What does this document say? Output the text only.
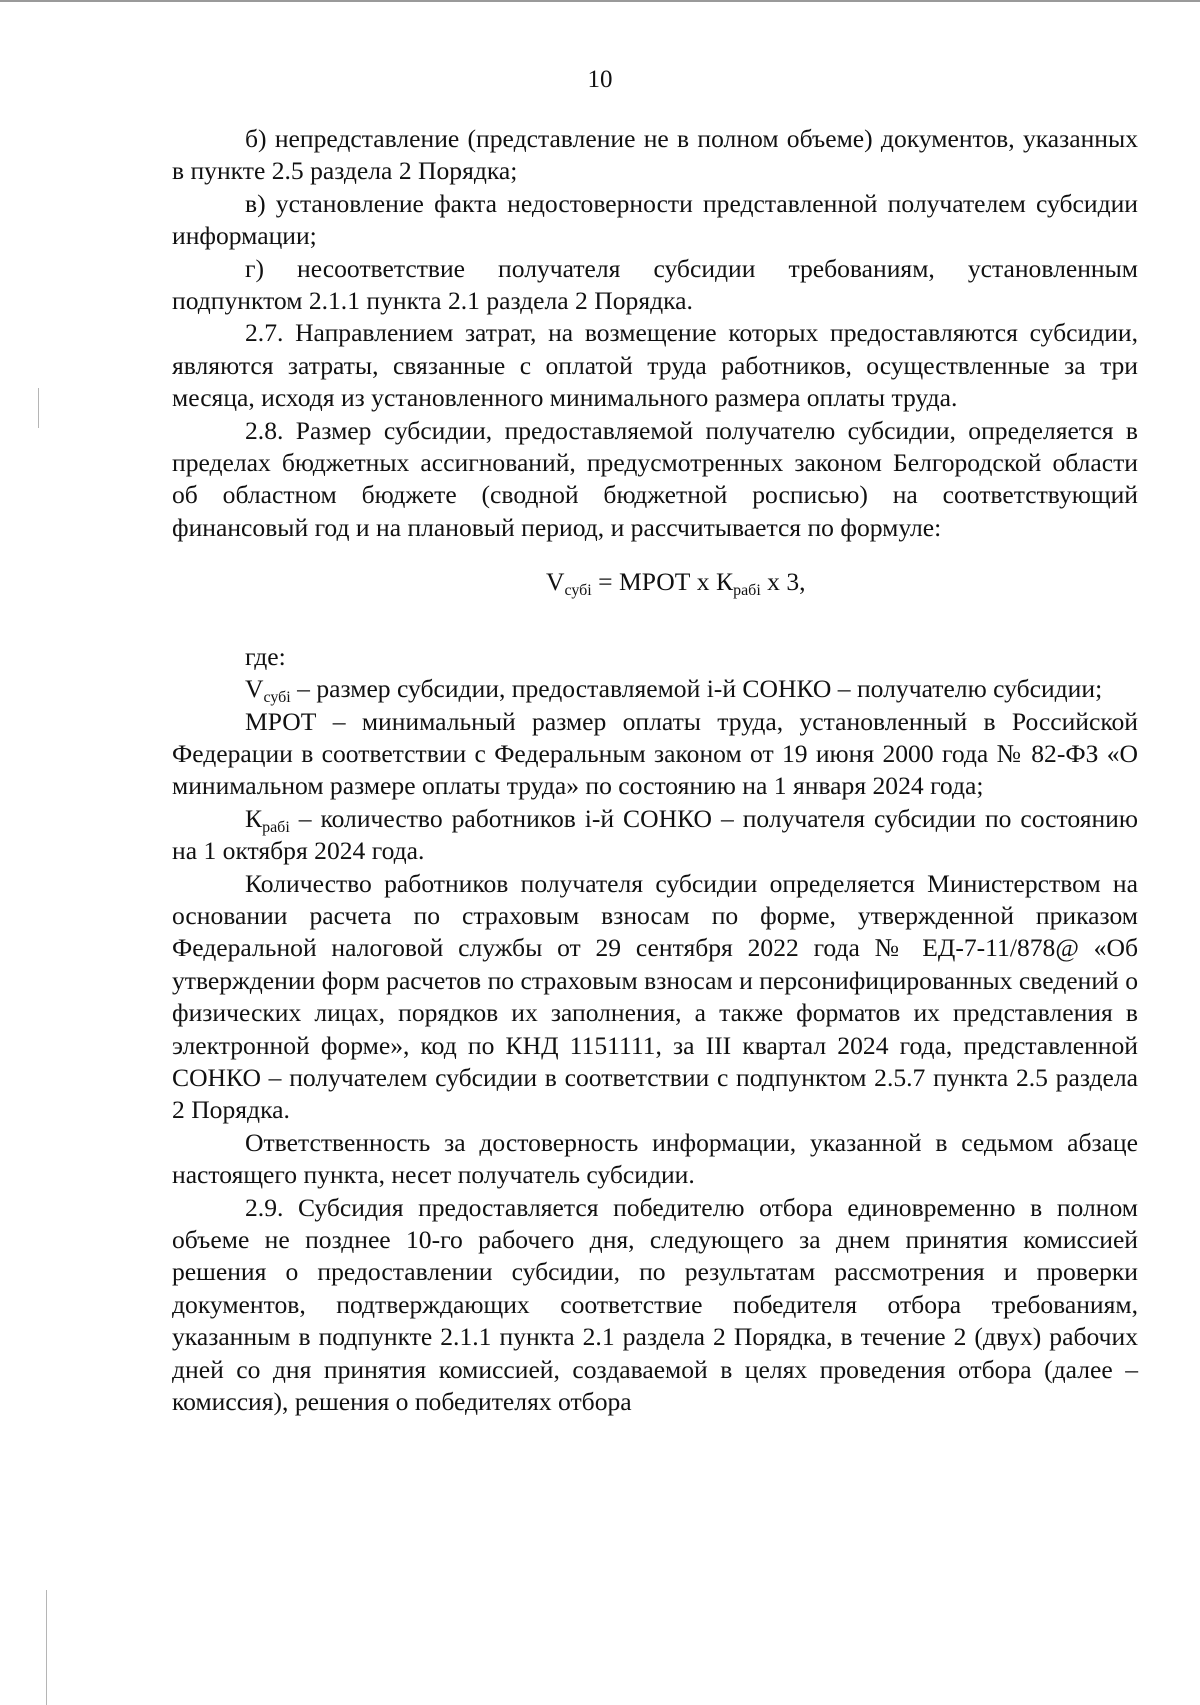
10

б) непредставление (представление не в полном объеме) документов, указанных в пункте 2.5 раздела 2 Порядка;

в) установление факта недостоверности представленной получателем субсидии информации;

г) несоответствие получателя субсидии требованиям, установленным подпунктом 2.1.1 пункта 2.1 раздела 2 Порядка.

2.7. Направлением затрат, на возмещение которых предоставляются субсидии, являются затраты, связанные с оплатой труда работников, осуществленные за три месяца, исходя из установленного минимального размера оплаты труда.

2.8. Размер субсидии, предоставляемой получателю субсидии, определяется в пределах бюджетных ассигнований, предусмотренных законом Белгородской области об областном бюджете (сводной бюджетной росписью) на соответствующий финансовый год и на плановый период, и рассчитывается по формуле:

$V_{субi}$ = МРОТ х $К_{рабi}$ х 3,

где:

$V_{субi}$ – размер субсидии, предоставляемой i-й СОНКО – получателю субсидии;

МРОТ – минимальный размер оплаты труда, установленный в Российской Федерации в соответствии с Федеральным законом от 19 июня 2000 года № 82-ФЗ «О минимальном размере оплаты труда» по состоянию на 1 января 2024 года;

$К_{рабi}$ – количество работников i-й СОНКО – получателя субсидии по состоянию на 1 октября 2024 года.

Количество работников получателя субсидии определяется Министерством на основании расчета по страховым взносам по форме, утвержденной приказом Федеральной налоговой службы от 29 сентября 2022 года № ЕД-7-11/878@ «Об утверждении форм расчетов по страховым взносам и персонифицированных сведений о физических лицах, порядков их заполнения, а также форматов их представления в электронной форме», код по КНД 1151111, за III квартал 2024 года, представленной СОНКО – получателем субсидии в соответствии с подпунктом 2.5.7 пункта 2.5 раздела 2 Порядка.

Ответственность за достоверность информации, указанной в седьмом абзаце настоящего пункта, несет получатель субсидии.

2.9. Субсидия предоставляется победителю отбора единовременно в полном объеме не позднее 10-го рабочего дня, следующего за днем принятия комиссией решения о предоставлении субсидии, по результатам рассмотрения и проверки документов, подтверждающих соответствие победителя отбора требованиям, указанным в подпункте 2.1.1 пункта 2.1 раздела 2 Порядка, в течение 2 (двух) рабочих дней со дня принятия комиссией, создаваемой в целях проведения отбора (далее – комиссия), решения о победителях отбора
